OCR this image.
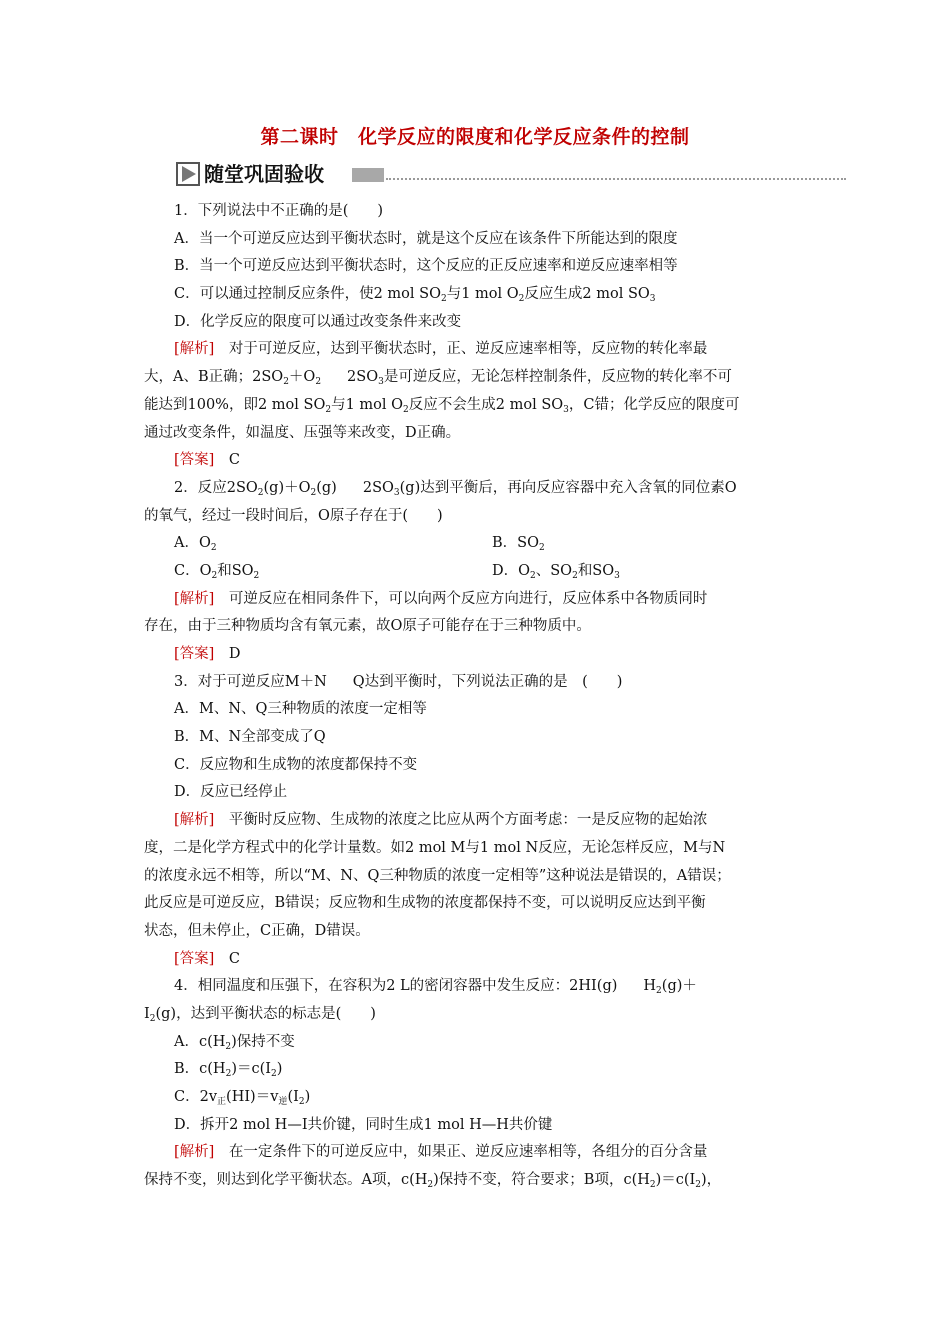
第二课时　化学反应的限度和化学反应条件的控制
随堂巩固验收
1．下列说法中不正确的是(　　)
A．当一个可逆反应达到平衡状态时，就是这个反应在该条件下所能达到的限度
B．当一个可逆反应达到平衡状态时，这个反应的正反应速率和逆反应速率相等
C．可以通过控制反应条件，使2 mol $SO_2$与1 mol $O_2$反应生成2 mol $SO_3$
D．化学反应的限度可以通过改变条件来改变
[解析]　对于可逆反应，达到平衡状态时，正、逆反应速率相等，反应物的转化率最
大，A、B正确；$2SO_2+O_2$ $2SO_3$是可逆反应，无论怎样控制条件，反应物的转化率不可
能达到100%，即2 mol $SO_2$与1 mol $O_2$反应不会生成2 mol $SO_3$，C错；化学反应的限度可
通过改变条件，如温度、压强等来改变，D正确。
[答案]　C
2．反应$2SO_2(g)+O_2(g)$ $2SO_3(g)$达到平衡后，再向反应容器中充入含氧的同位素O
的氧气，经过一段时间后，O原子存在于(　　)
A．$O_2$	B．$SO_2$
C．$O_2$和$SO_2$	D．$O_2$、$SO_2$和$SO_3$
[解析]　可逆反应在相同条件下，可以向两个反应方向进行，反应体系中各物质同时
存在，由于三种物质均含有氧元素，故O原子可能存在于三种物质中。
[答案]　D
3．对于可逆反应M＋N Q达到平衡时，下列说法正确的是　(　　)
A．M、N、Q三种物质的浓度一定相等
B．M、N全部变成了Q
C．反应物和生成物的浓度都保持不变
D．反应已经停止
[解析]　平衡时反应物、生成物的浓度之比应从两个方面考虑：一是反应物的起始浓
度，二是化学方程式中的化学计量数。如2 mol M与1 mol N反应，无论怎样反应，M与N
的浓度永远不相等，所以“M、N、Q三种物质的浓度一定相等”这种说法是错误的，A错误；
此反应是可逆反应，B错误；反应物和生成物的浓度都保持不变，可以说明反应达到平衡
状态，但未停止，C正确，D错误。
[答案]　C
4．相同温度和压强下，在容积为2 L的密闭容器中发生反应：2HI(g) $H_2(g)+$
$I_2(g)$，达到平衡状态的标志是(　　)
A．$c(H_2)$保持不变
B．$c(H_2)=c(I_2)$
C．$2v_正(HI)=v_逆(I_2)$
D．拆开2 mol H—I共价键，同时生成1 mol H—H共价键
[解析]　在一定条件下的可逆反应中，如果正、逆反应速率相等，各组分的百分含量
保持不变，则达到化学平衡状态。A项，$c(H_2)$保持不变，符合要求；B项，$c(H_2)=c(I_2)$，
